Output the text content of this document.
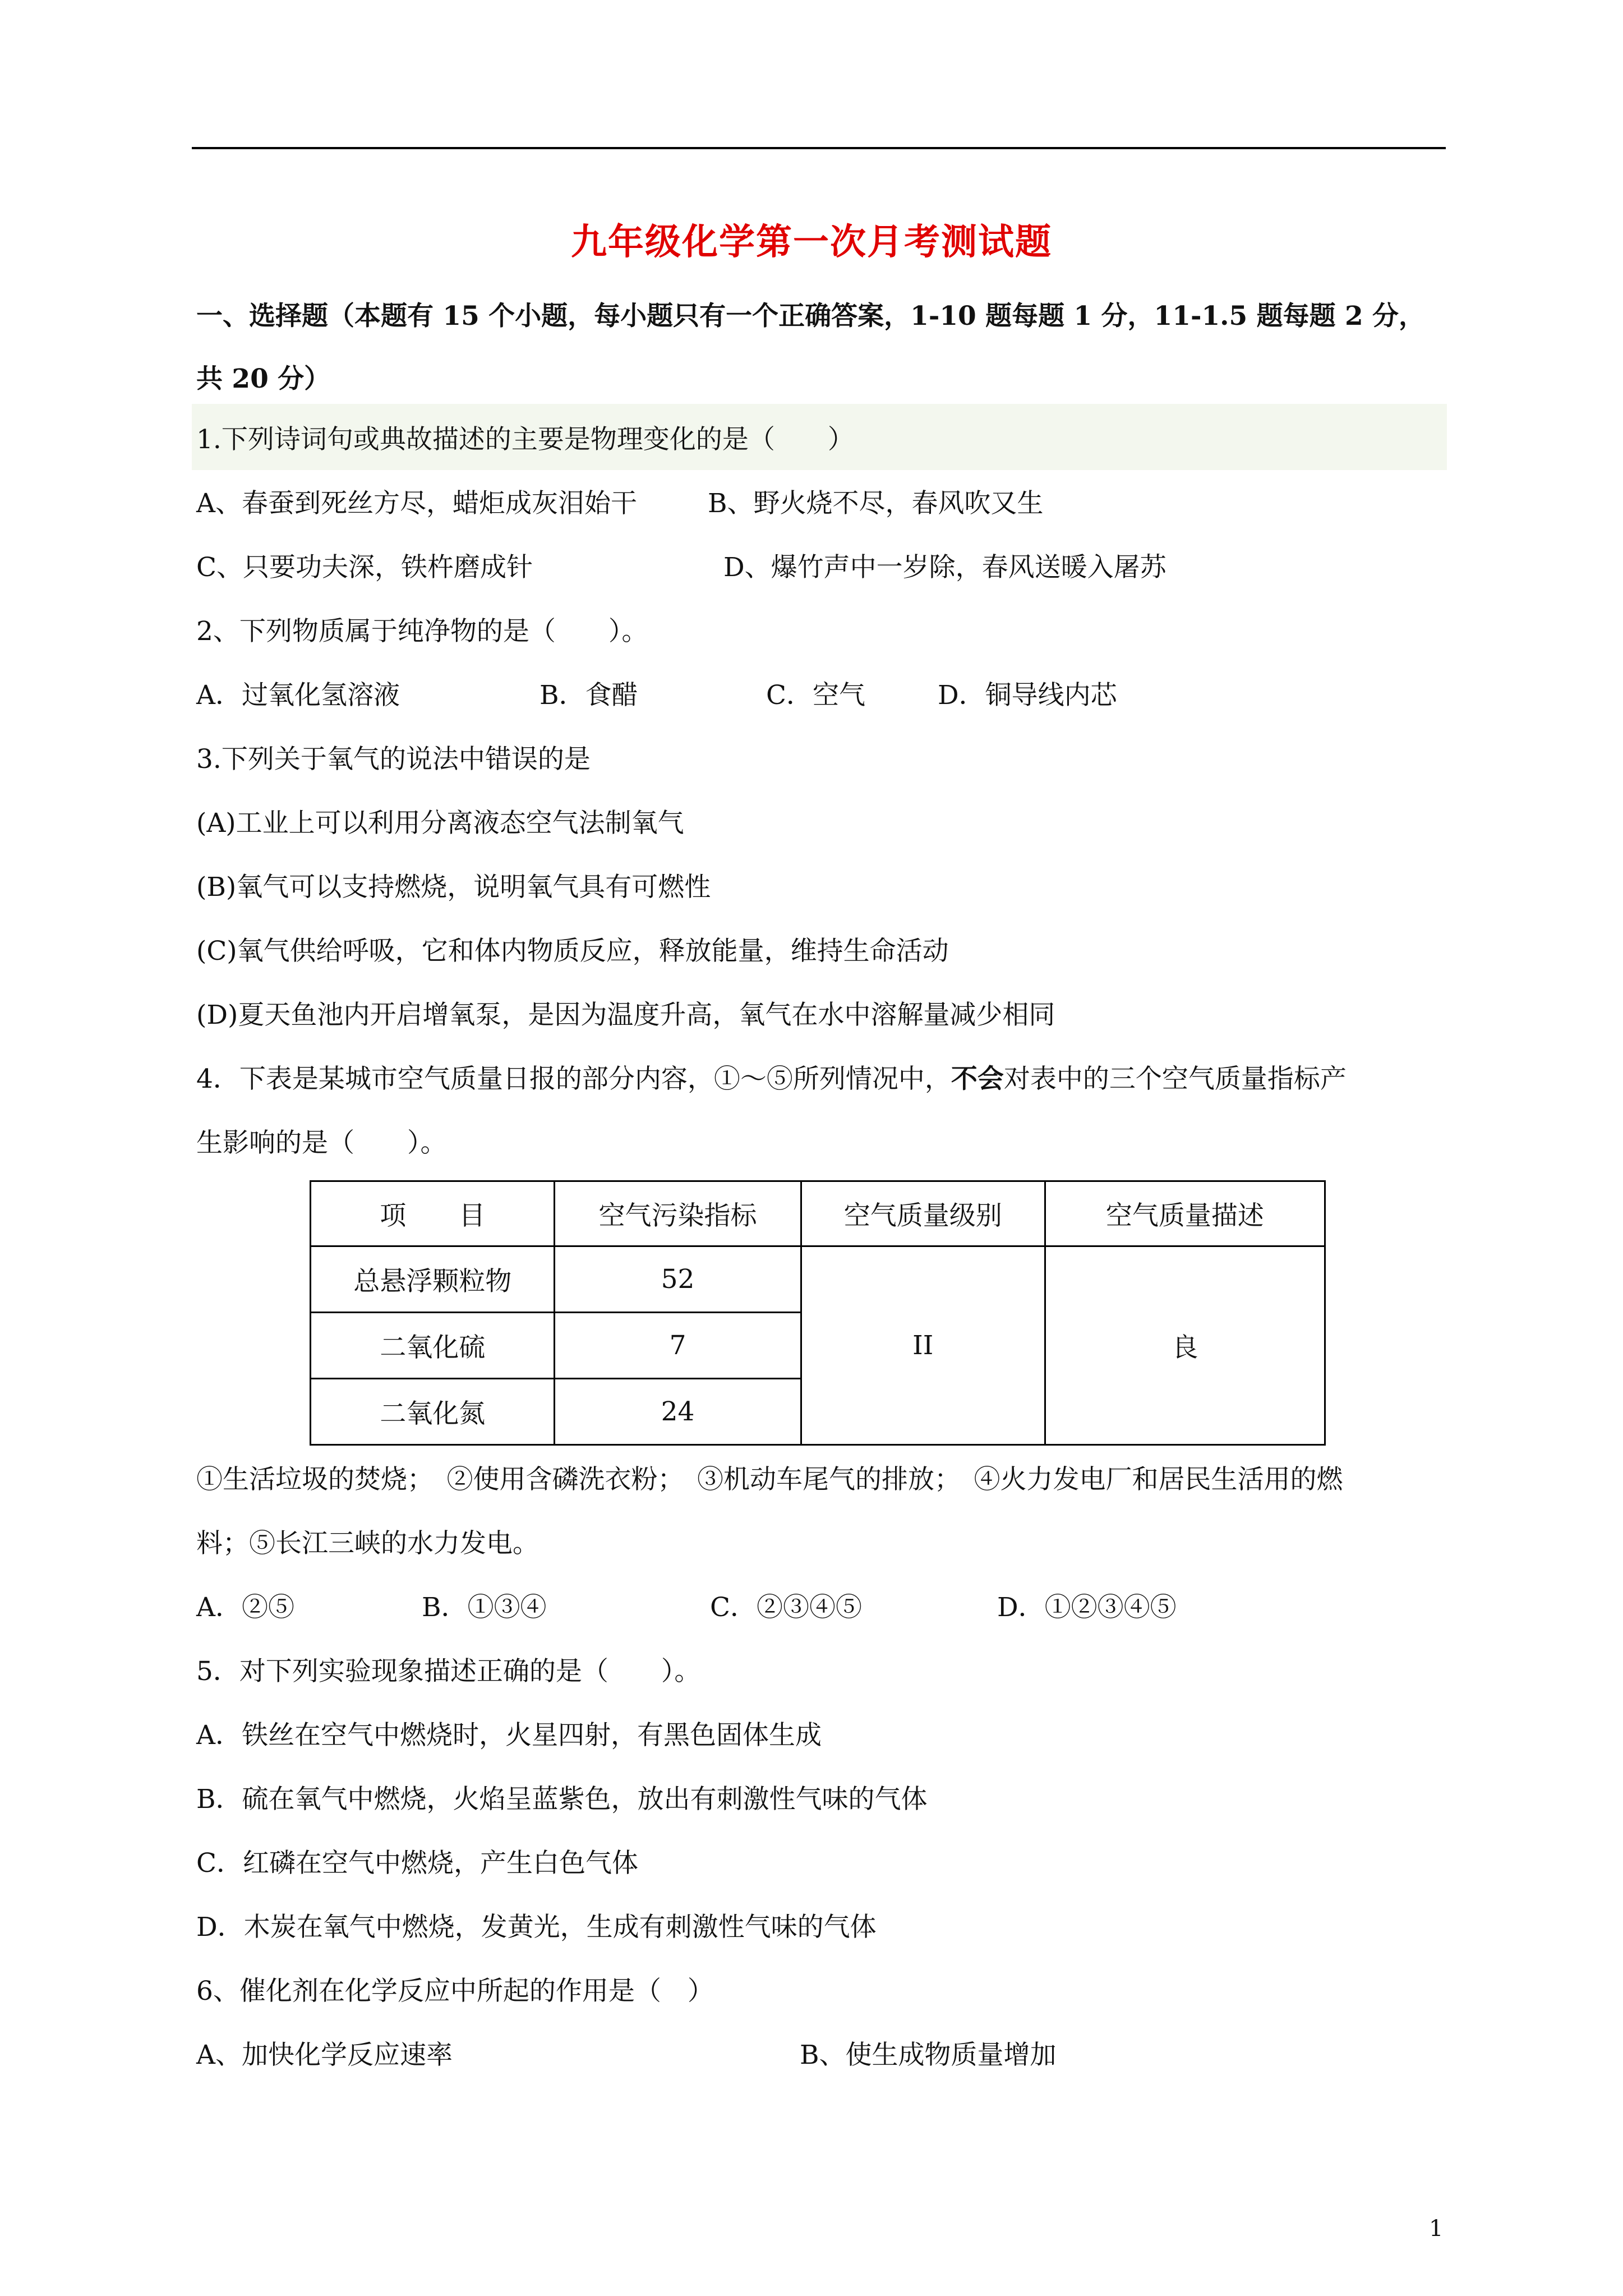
九年级化学第一次月考测试题
一、选择题（本题有 15 个小题，每小题只有一个正确答案，1-10 题每题 1 分，11-1.5 题每题 2 分，
共 20 分）
1.下列诗词句或典故描述的主要是物理变化的是（　　）
A、春蚕到死丝方尽，蜡炬成灰泪始干	B、野火烧不尽，春风吹又生
C、只要功夫深，铁杵磨成针	D、爆竹声中一岁除，春风送暖入屠苏
2、下列物质属于纯净物的是（　　）。
A．过氧化氢溶液	B．食醋	C．空气	D．铜导线内芯
3.下列关于氧气的说法中错误的是
(A)工业上可以利用分离液态空气法制氧气
(B)氧气可以支持燃烧，说明氧气具有可燃性
(C)氧气供给呼吸，它和体内物质反应，释放能量，维持生命活动
(D)夏天鱼池内开启增氧泵，是因为温度升高，氧气在水中溶解量减少相同
4．下表是某城市空气质量日报的部分内容，①～⑤所列情况中，不会对表中的三个空气质量指标产
生影响的是（　　）。
项　　目	空气污染指标	空气质量级别	空气质量描述
总悬浮颗粒物	52	II	良
二氧化硫	7		
二氧化氮	24		
①生活垃圾的焚烧；　②使用含磷洗衣粉；　③机动车尾气的排放；　④火力发电厂和居民生活用的燃
料；⑤长江三峡的水力发电。
A．②⑤	B．①③④	C．②③④⑤	D．①②③④⑤
5．对下列实验现象描述正确的是（　　）。
A．铁丝在空气中燃烧时，火星四射，有黑色固体生成
B．硫在氧气中燃烧，火焰呈蓝紫色，放出有刺激性气味的气体
C．红磷在空气中燃烧，产生白色气体
D．木炭在氧气中燃烧，发黄光，生成有刺激性气味的气体
6、催化剂在化学反应中所起的作用是（　）
A、加快化学反应速率	B、使生成物质量增加
1
